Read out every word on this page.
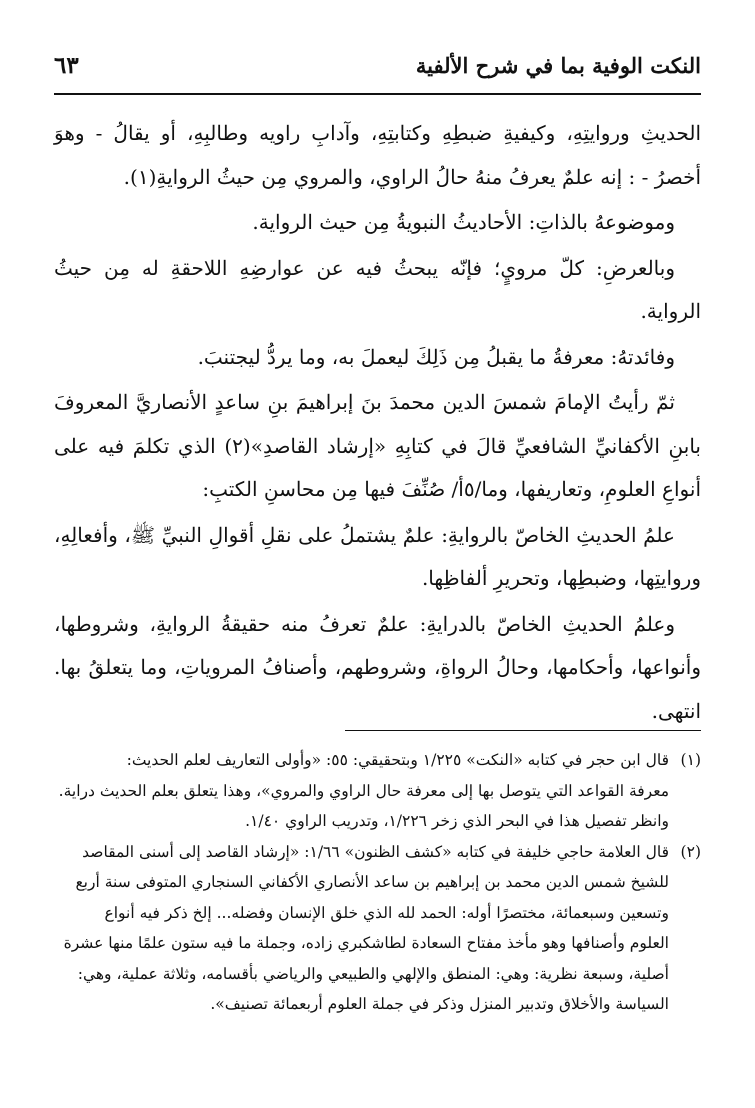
النكت الوفية بما في شرح الألفية
٦٣

الحديثِ وروايتِهِ، وكيفيةِ ضبطِهِ وكتابتِهِ، وآدابِ راويه وطالبِهِ، أو يقالُ - وهوَ أخصرُ - : إنه علمٌ يعرفُ منهُ حالُ الراوي، والمروي مِن حيثُ الروايةِ(١).

وموضوعهُ بالذاتِ: الأحاديثُ النبويةُ مِن حيث الرواية.

وبالعرضِ: كلّ مرويٍ؛ فإنّه يبحثُ فيه عن عوارضِهِ اللاحقةِ له مِن حيثُ الرواية.

وفائدتهُ: معرفةُ ما يقبلُ مِن ذَلِكَ ليعملَ به، وما يردُّ ليجتنبَ.

ثمّ رأيتُ الإمامَ شمسَ الدين محمدَ بنَ إبراهيمَ بنِ ساعدٍ الأنصاريَّ المعروفَ بابنِ الأكفانيِّ الشافعيِّ قالَ في كتابِهِ «إرشاد القاصدِ»(٢) الذي تكلمَ فيه على أنواعِ العلومِ، وتعاريفها، وما/٥أ/ صُنِّفَ فيها مِن محاسنِ الكتبِ:

علمُ الحديثِ الخاصّ بالروايةِ: علمٌ يشتملُ على نقلِ أقوالِ النبيِّ ﷺ، وأفعالِهِ، وروايتِها، وضبطِها، وتحريرِ ألفاظِها.

وعلمُ الحديثِ الخاصّ بالدرايةِ: علمٌ تعرفُ منه حقيقةُ الروايةِ، وشروطها، وأنواعها، وأحكامها، وحالُ الرواةِ، وشروطهم، وأصنافُ المروياتِ، وما يتعلقُ بها. انتهى.

(١)
قال ابن حجر في كتابه «النكت» ١/٢٢٥ وبتحقيقي: ٥٥: «وأولى التعاريف لعلم الحديث:
معرفة القواعد التي يتوصل بها إلى معرفة حال الراوي والمروي»، وهذا يتعلق بعلم الحديث دراية.
وانظر تفصيل هذا في البحر الذي زخر ١/٢٢٦، وتدريب الراوي ١/٤٠.
(٢)
قال العلامة حاجي خليفة في كتابه «كشف الظنون» ١/٦٦: «إرشاد القاصد إلى أسنى المقاصد
للشيخ شمس الدين محمد بن إبراهيم بن ساعد الأنصاري الأكفاني السنجاري المتوفى سنة أربع
وتسعين وسبعمائة، مختصرًا أوله: الحمد لله الذي خلق الإنسان وفضله... إلخ ذكر فيه أنواع
العلوم وأصنافها وهو مأخذ مفتاح السعادة لطاشكبري زاده، وجملة ما فيه ستون علمًا منها عشرة
أصلية، وسبعة نظرية: وهي: المنطق والإلهي والطبيعي والرياضي بأقسامه، وثلاثة عملية، وهي:
السياسة والأخلاق وتدبير المنزل وذكر في جملة العلوم أربعمائة تصنيف».
